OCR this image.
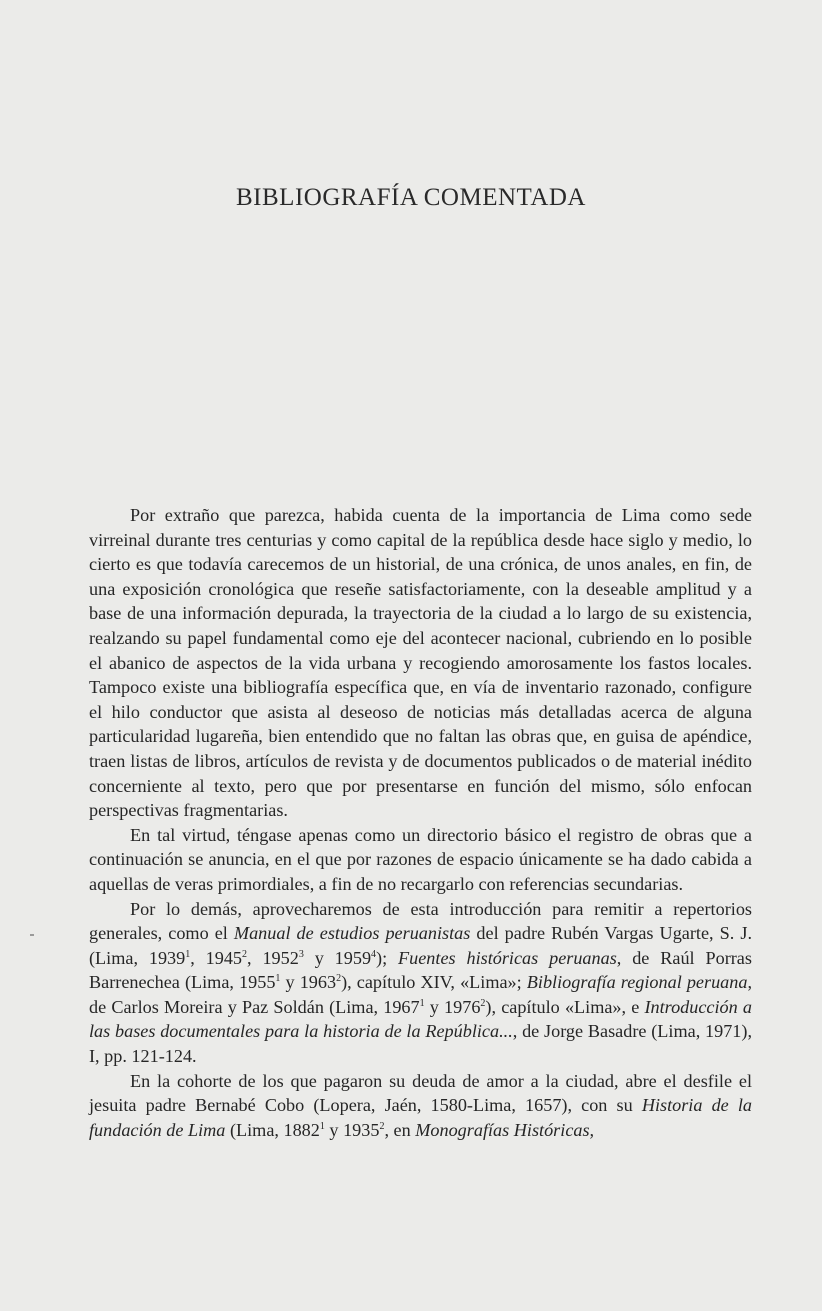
BIBLIOGRAFÍA COMENTADA

Por extraño que parezca, habida cuenta de la importancia de Lima como sede virreinal durante tres centurias y como capital de la república desde hace siglo y medio, lo cierto es que todavía carecemos de un historial, de una crónica, de unos anales, en fin, de una exposición cronológica que reseñe satisfactoriamente, con la deseable amplitud y a base de una información depurada, la trayectoria de la ciudad a lo largo de su existencia, realzando su papel fundamental como eje del acontecer nacional, cubriendo en lo posible el abanico de aspectos de la vida urbana y recogiendo amorosamente los fastos locales. Tampoco existe una bibliografía específica que, en vía de inventario razonado, configure el hilo conductor que asista al deseoso de noticias más detalladas acerca de alguna particularidad lugareña, bien entendido que no faltan las obras que, en guisa de apéndice, traen listas de libros, artículos de revista y de documentos publicados o de material inédito concerniente al texto, pero que por presentarse en función del mismo, sólo enfocan perspectivas fragmentarias.

En tal virtud, téngase apenas como un directorio básico el registro de obras que a continuación se anuncia, en el que por razones de espacio únicamente se ha dado cabida a aquellas de veras primordiales, a fin de no recargarlo con referencias secundarias.

Por lo demás, aprovecharemos de esta introducción para remitir a repertorios generales, como el Manual de estudios peruanistas del padre Rubén Vargas Ugarte, S. J. (Lima, 1939$^1$, 1945$^2$, 1952$^3$ y 1959$^4$); Fuentes históricas peruanas, de Raúl Porras Barrenechea (Lima, 1955$^1$ y 1963$^2$), capítulo XIV, «Lima»; Bibliografía regional peruana, de Carlos Moreira y Paz Soldán (Lima, 1967$^1$ y 1976$^2$), capítulo «Lima», e Introducción a las bases documentales para la historia de la República..., de Jorge Basadre (Lima, 1971), I, pp. 121-124.

En la cohorte de los que pagaron su deuda de amor a la ciudad, abre el desfile el jesuita padre Bernabé Cobo (Lopera, Jaén, 1580-Lima, 1657), con su Historia de la fundación de Lima (Lima, 1882$^1$ y 1935$^2$, en Monografías Históricas,
